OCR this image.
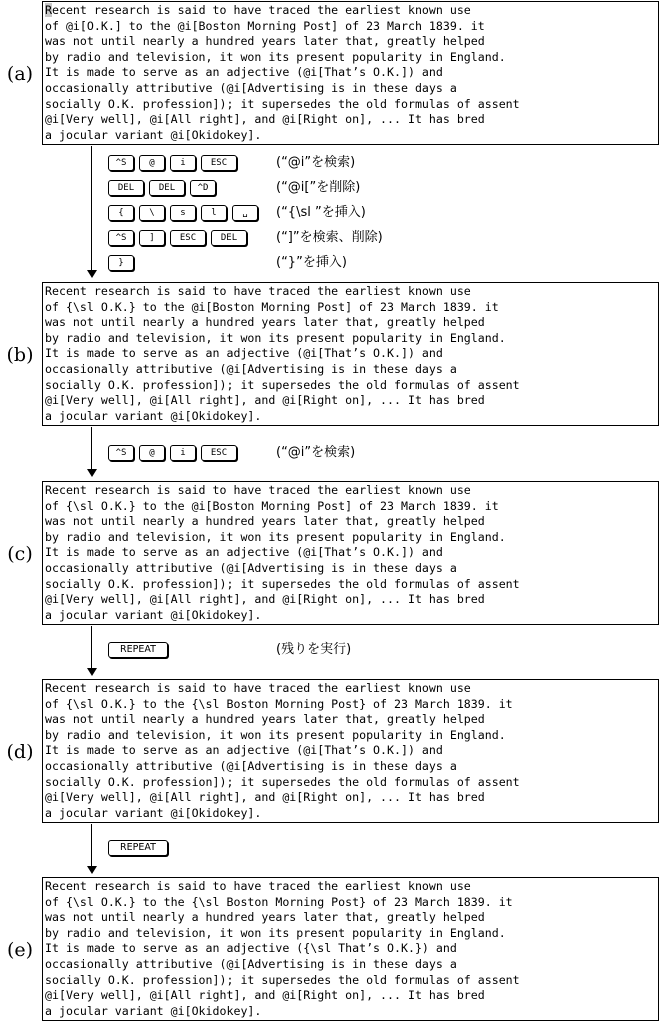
(a)
Recent research is said to have traced the earliest known use
of @i[O.K.] to the @i[Boston Morning Post] of 23 March 1839. it
was not until nearly a hundred years later that, greatly helped
by radio and television, it won its present popularity in England.
It is made to serve as an adjective (@i[That’s O.K.]) and
occasionally attributive (@i[Advertising is in these days a
socially O.K. profession]); it supersedes the old formulas of assent
@i[Very well], @i[All right], and @i[Right on], ... It has bred
a jocular variant @i[Okidokey].
^S	@	i	ESC	(“@i”を検索)
DEL	DEL	^D	(“@i[”を削除)
{	\	s	l	␣	(“{\sl ”を挿入)
^S	]	ESC	DEL	(“]”を検索、削除)
}	(“}”を挿入)
(b)
Recent research is said to have traced the earliest known use
of {\sl O.K.} to the @i[Boston Morning Post] of 23 March 1839. it
was not until nearly a hundred years later that, greatly helped
by radio and television, it won its present popularity in England.
It is made to serve as an adjective (@i[That’s O.K.]) and
occasionally attributive (@i[Advertising is in these days a
socially O.K. profession]); it supersedes the old formulas of assent
@i[Very well], @i[All right], and @i[Right on], ... It has bred
a jocular variant @i[Okidokey].
^S	@	i	ESC	(“@i”を検索)
(c)
Recent research is said to have traced the earliest known use
of {\sl O.K.} to the @i[Boston Morning Post] of 23 March 1839. it
was not until nearly a hundred years later that, greatly helped
by radio and television, it won its present popularity in England.
It is made to serve as an adjective (@i[That’s O.K.]) and
occasionally attributive (@i[Advertising is in these days a
socially O.K. profession]); it supersedes the old formulas of assent
@i[Very well], @i[All right], and @i[Right on], ... It has bred
a jocular variant @i[Okidokey].
REPEAT	(残りを実行)
(d)
Recent research is said to have traced the earliest known use
of {\sl O.K.} to the {\sl Boston Morning Post} of 23 March 1839. it
was not until nearly a hundred years later that, greatly helped
by radio and television, it won its present popularity in England.
It is made to serve as an adjective (@i[That’s O.K.]) and
occasionally attributive (@i[Advertising is in these days a
socially O.K. profession]); it supersedes the old formulas of assent
@i[Very well], @i[All right], and @i[Right on], ... It has bred
a jocular variant @i[Okidokey].
REPEAT
(e)
Recent research is said to have traced the earliest known use
of {\sl O.K.} to the {\sl Boston Morning Post} of 23 March 1839. it
was not until nearly a hundred years later that, greatly helped
by radio and television, it won its present popularity in England.
It is made to serve as an adjective ({\sl That’s O.K.}) and
occasionally attributive (@i[Advertising is in these days a
socially O.K. profession]); it supersedes the old formulas of assent
@i[Very well], @i[All right], and @i[Right on], ... It has bred
a jocular variant @i[Okidokey].
